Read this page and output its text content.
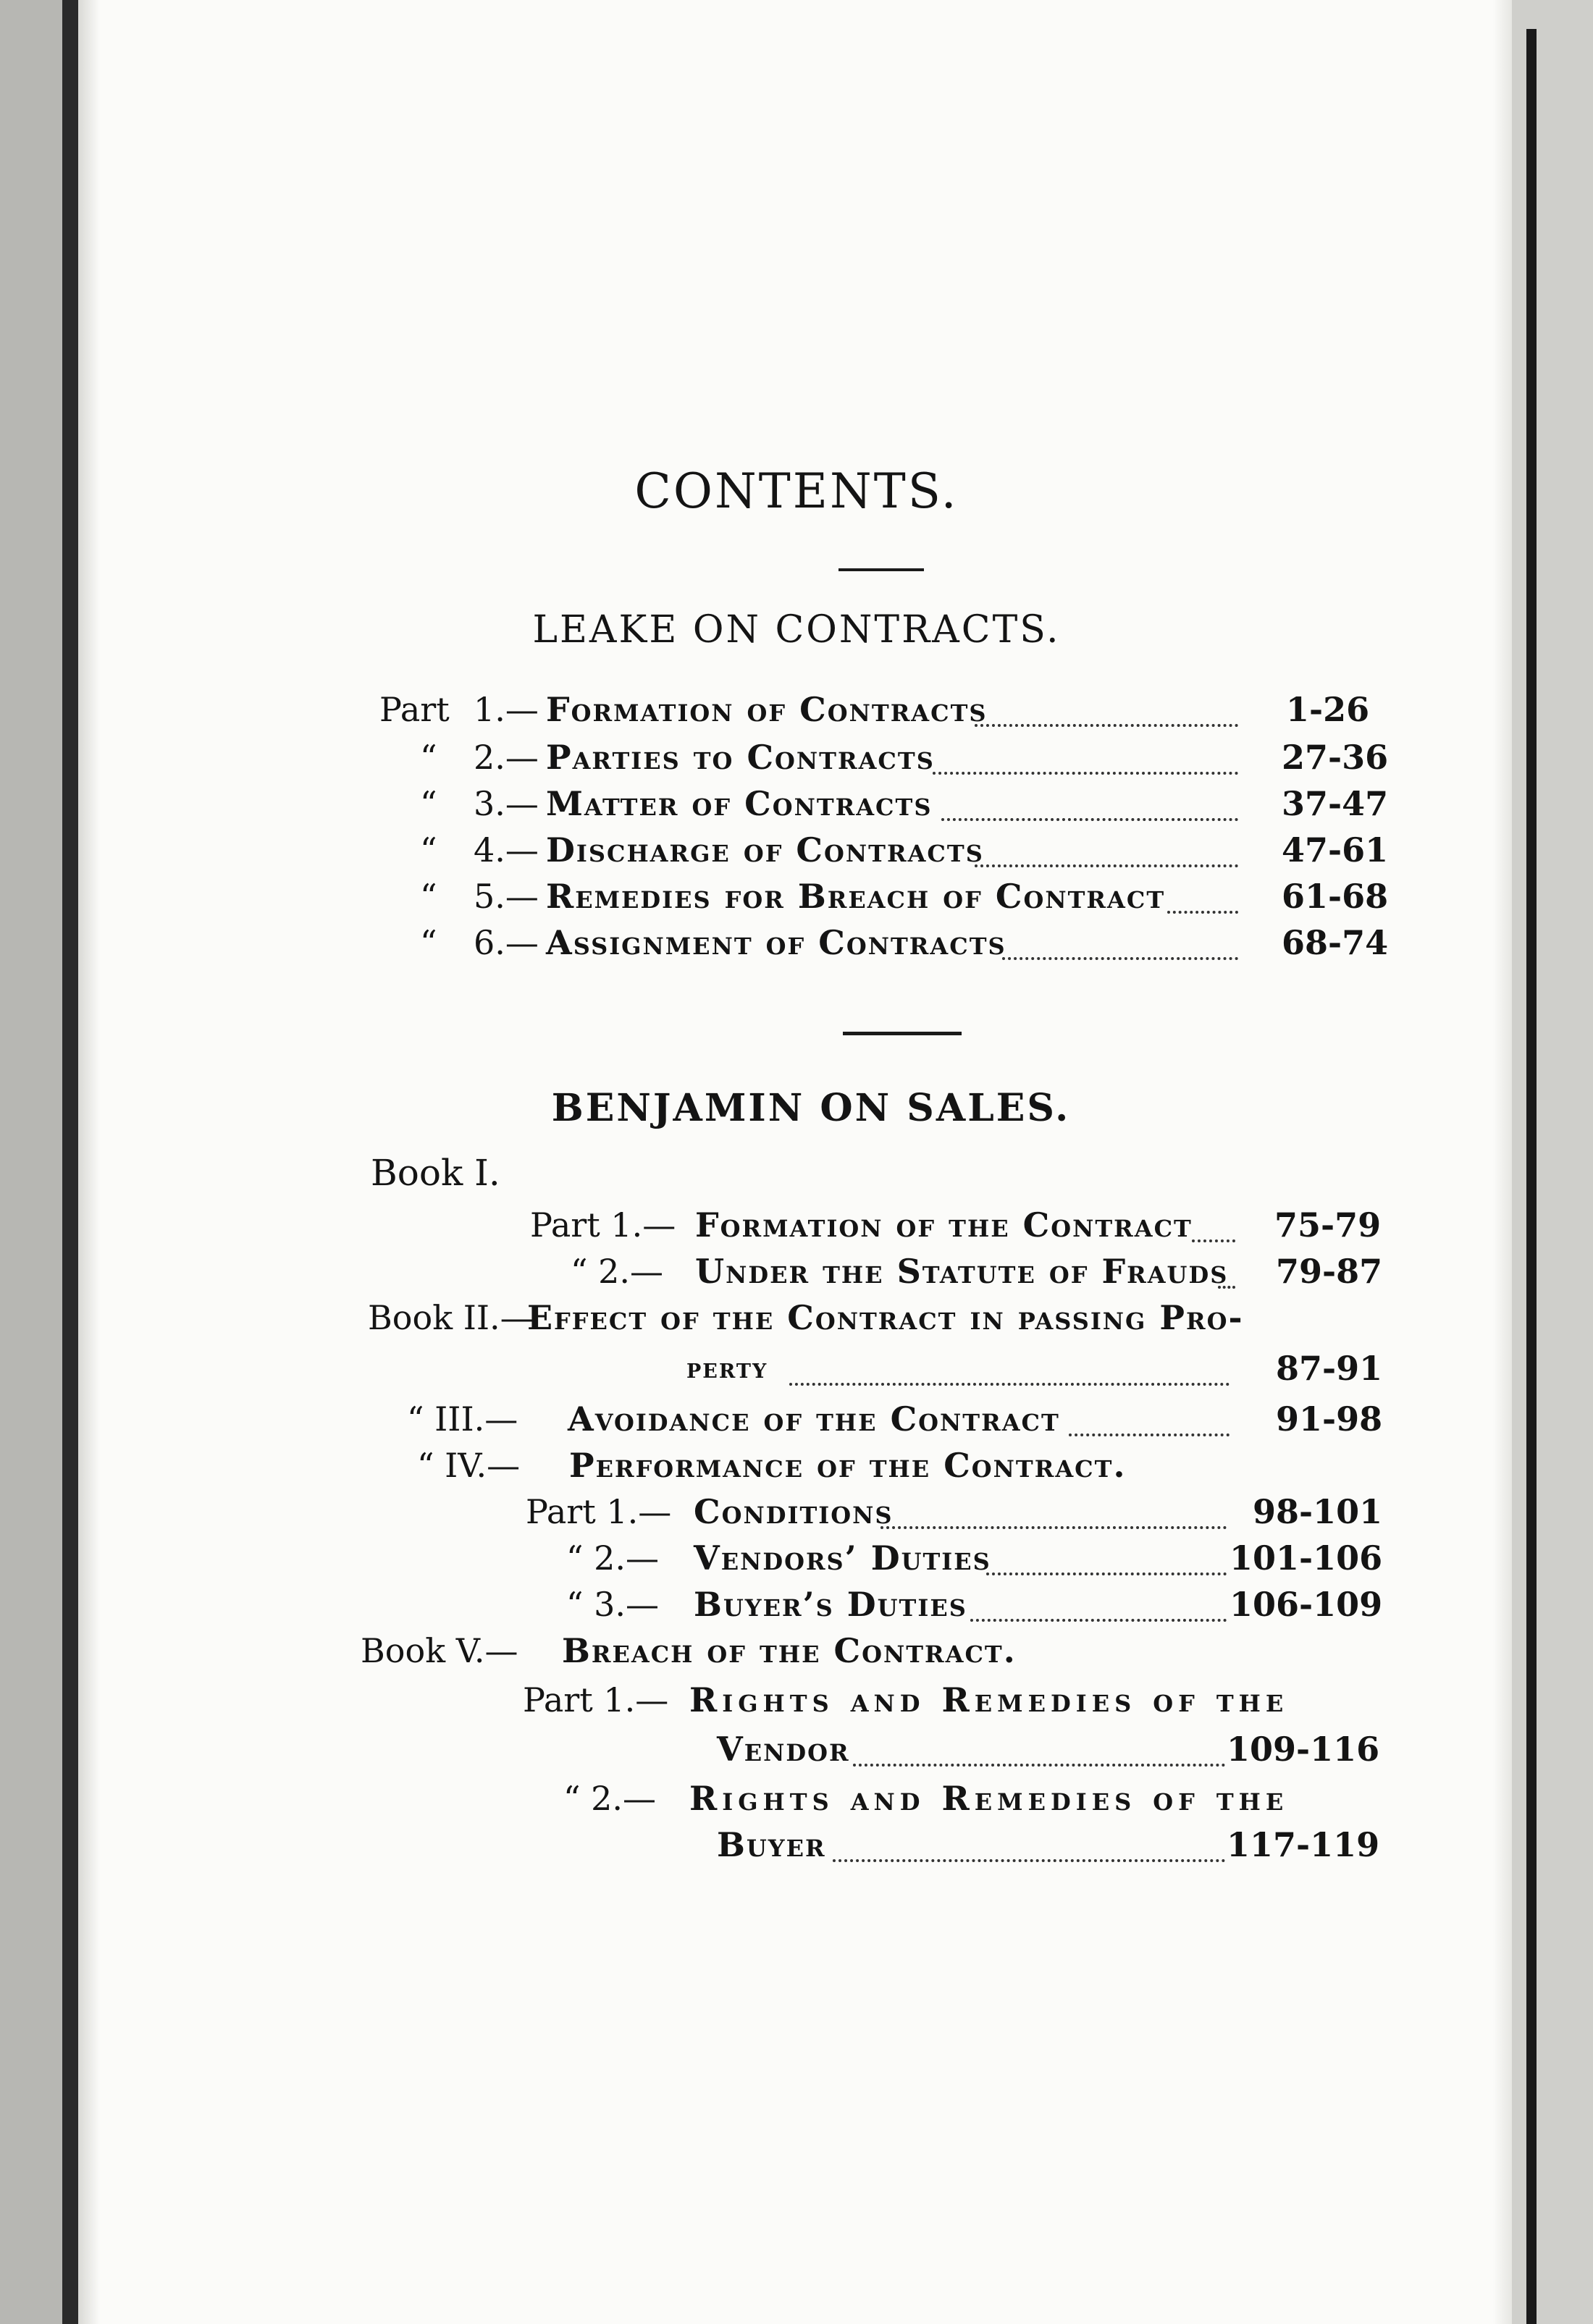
CONTENTS.
LEAKE ON CONTRACTS.
Part 1.— Formation of Contracts	1-26
“ 2.— Parties to Contracts	27-36
“ 3.— Matter of Contracts	37-47
“ 4.— Discharge of Contracts	47-61
“ 5.— Remedies for Breach of Contract	61-68
“ 6.— Assignment of Contracts	68-74
BENJAMIN ON SALES.
Book I.
Part 1.— Formation of the Contract 75-79
“ 2.— Under the Statute of Frauds 79-87
Book II.—
Effect of the Contract in passing Pro-
perty	87-91
“ III.— Avoidance of the Contract	91-98
“ IV.— Performance of the Contract.
Part 1.— Conditions	98-101
“ 2.— Vendors’ Duties	101-106
“ 3.— Buyer’s Duties	106-109
Book V.— Breach of the Contract.
Part 1.— Rights and Remedies of the
Vendor	109-116
“ 2.— Rights and Remedies of the
Buyer	117-119
